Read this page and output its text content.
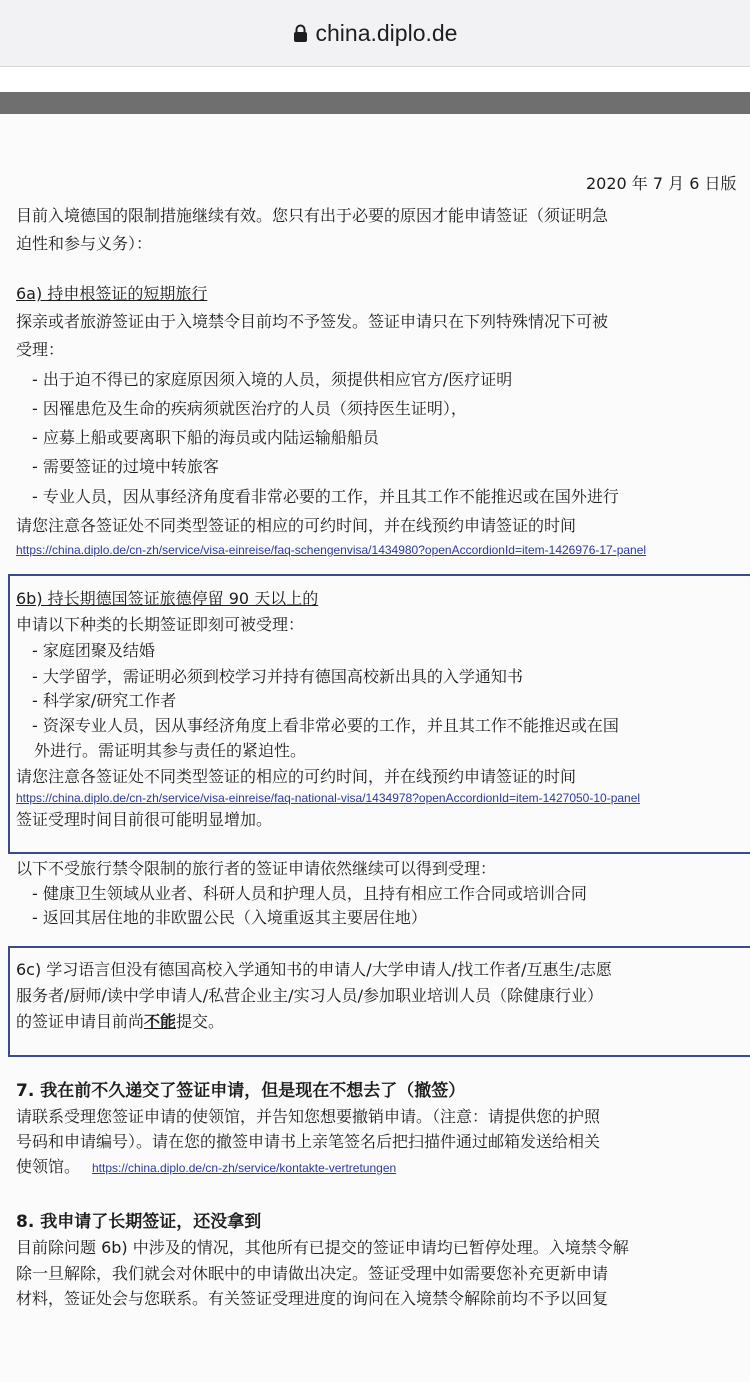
china.diplo.de
2020 年 7 月 6 日版
目前入境德国的限制措施继续有效。您只有出于必要的原因才能申请签证（须证明急
迫性和参与义务）：
6a) 持申根签证的短期旅行
探亲或者旅游签证由于入境禁令目前均不予签发。签证申请只在下列特殊情况下可被
受理：
- 出于迫不得已的家庭原因须入境的人员，须提供相应官方/医疗证明
- 因罹患危及生命的疾病须就医治疗的人员（须持医生证明），
- 应募上船或要离职下船的海员或内陆运输船船员
- 需要签证的过境中转旅客
- 专业人员，因从事经济角度看非常必要的工作，并且其工作不能推迟或在国外进行
请您注意各签证处不同类型签证的相应的可约时间，并在线预约申请签证的时间
https://china.diplo.de/cn-zh/service/visa-einreise/faq-schengenvisa/1434980?openAccordionId=item-1426976-17-panel
6b) 持长期德国签证旅德停留 90 天以上的
申请以下种类的长期签证即刻可被受理：
- 家庭团聚及结婚
- 大学留学，需证明必须到校学习并持有德国高校新出具的入学通知书
- 科学家/研究工作者
- 资深专业人员，因从事经济角度上看非常必要的工作，并且其工作不能推迟或在国
外进行。需证明其参与责任的紧迫性。
请您注意各签证处不同类型签证的相应的可约时间，并在线预约申请签证的时间
https://china.diplo.de/cn-zh/service/visa-einreise/faq-national-visa/1434978?openAccordionId=item-1427050-10-panel
签证受理时间目前很可能明显增加。
以下不受旅行禁令限制的旅行者的签证申请依然继续可以得到受理：
- 健康卫生领域从业者、科研人员和护理人员，且持有相应工作合同或培训合同
- 返回其居住地的非欧盟公民（入境重返其主要居住地）
6c) 学习语言但没有德国高校入学通知书的申请人/大学申请人/找工作者/互惠生/志愿
服务者/厨师/读中学申请人/私营企业主/实习人员/参加职业培训人员（除健康行业）
的签证申请目前尚不能提交。
7. 我在前不久递交了签证申请，但是现在不想去了（撤签）
请联系受理您签证申请的使领馆，并告知您想要撤销申请。（注意：请提供您的护照
号码和申请编号）。请在您的撤签申请书上亲笔签名后把扫描件通过邮箱发送给相关
使领馆。 https://china.diplo.de/cn-zh/service/kontakte-vertretungen
8. 我申请了长期签证，还没拿到
目前除问题 6b) 中涉及的情况，其他所有已提交的签证申请均已暂停处理。入境禁令解
除一旦解除，我们就会对休眠中的申请做出决定。签证受理中如需要您补充更新申请
材料，签证处会与您联系。有关签证受理进度的询问在入境禁令解除前均不予以回复
